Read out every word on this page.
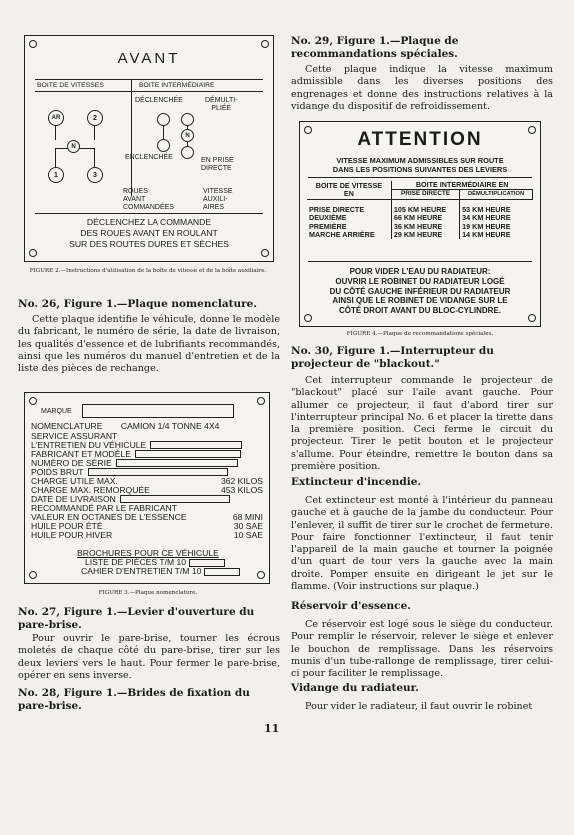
AVANT
BOITE DE VITESSES	BOITE INTERMÉDIAIRE
AR	2
N
1	3
DÉCLENCHÉE	DÉMULTI-
PLIÉE
N
ENCLENCHÉE	EN PRISE
DIRECTE
ROUES
AVANT
COMMANDÉES
VITESSE
AUXILI-
AIRES
DÉCLENCHEZ LA COMMANDE
DES ROUES AVANT EN ROULANT
SUR DES ROUTES DURES ET SÈCHES
FIGURE 2.—Instructions d'utilisation de la boîte de vitesse et de la boîte auxiliaire.
No. 26, Figure 1.—Plaque nomenclature.
Cette plaque identifie le véhicule, donne le modèle du fabricant, le numéro de série, la date de livraison, les qualités d'essence et de lubrifiants recommandés, ainsi que les numéros du manuel d'entretien et de la liste des pièces de rechange.
MARQUE
NOMENCLATURE CAMION 1/4 TONNE 4X4
SERVICE ASSURANT
L'ENTRETIEN DU VÉHICULE
FABRICANT ET MODÈLE
NUMÉRO DE SÉRIE
POIDS BRUT
CHARGE UTILE MAX.	362 KILOS
CHARGE MAX. REMORQUÉE	453 KILOS
DATE DE LIVRAISON
RECOMMANDÉ PAR LE FABRICANT
VALEUR EN OCTANES DE L'ESSENCE	68 MINI
HUILE POUR ÉTÉ	30 SAE
HUILE POUR HIVER	10 SAE
BROCHURES POUR CE VÉHICULE
LISTE DE PIÈCES T/M 10
CAHIER D'ENTRETIEN T/M 10
FIGURE 3.—Plaque nomenclature.
No. 27, Figure 1.—Levier d'ouverture du pare-brise.
Pour ouvrir le pare-brise, tourner les écrous moletés de chaque côté du pare-brise, tirer sur les deux leviers vers le haut. Pour fermer le pare-brise, opérer en sens inverse.
No. 28, Figure 1.—Brides de fixation du pare-brise.
No. 29, Figure 1.—Plaque de recommandations spéciales.
Cette plaque indique la vitesse maximum admissible dans les diverses positions des engrenages et donne des instructions relatives à la vidange du dispositif de refroidissement.
ATTENTION
VITESSE MAXIMUM ADMISSIBLES SUR ROUTE
DANS LES POSITIONS SUIVANTES DES LEVIERS
BOITE DE VITESSE
EN	BOITE INTERMÉDIAIRE EN	
	PRISE DIRECTE	DÉMULTIPLICATION

PRISE DIRECTE	105 KM HEURE	53 KM HEURE
DEUXIÈME	66 KM HEURE	34 KM HEURE
PREMIÈRE	36 KM HEURE	19 KM HEURE
MARCHE ARRIÈRE	29 KM HEURE	14 KM HEURE
POUR VIDER L'EAU DU RADIATEUR:
OUVRIR LE ROBINET DU RADIATEUR LOGÉ
DU CÔTÉ GAUCHE INFÉRIEUR DU RADIATEUR
AINSI QUE LE ROBINET DE VIDANGE SUR LE
CÔTÉ DROIT AVANT DU BLOC-CYLINDRE.
FIGURE 4.—Plaque de recommandations spéciales.
No. 30, Figure 1.—Interrupteur du projecteur de "blackout."
Cet interrupteur commande le projecteur de "blackout" placé sur l'aile avant gauche. Pour allumer ce projecteur, il faut d'abord tirer sur l'interrupteur principal No. 6 et placer la tirette dans la première position. Ceci ferme le circuit du projecteur. Tirer le petit bouton et le projecteur s'allume. Pour éteindre, remettre le bouton dans sa première position.
Extincteur d'incendie.
Cet extincteur est monté à l'intérieur du panneau gauche et à gauche de la jambe du conducteur. Pour l'enlever, il suffit de tirer sur le crochet de fermeture. Pour faire fonctionner l'extincteur, il faut tenir l'appareil de la main gauche et tourner la poignée d'un quart de tour vers la gauche avec la main droite. Pomper ensuite en dirigeant le jet sur le flamme. (Voir instructions sur plaque.)
Réservoir d'essence.
Ce réservoir est logé sous le siège du conducteur. Pour remplir le réservoir, relever le siège et enlever le bouchon de remplissage. Dans les réservoirs munis d'un tube-rallonge de remplissage, tirer celui-ci pour faciliter le remplissage.
Vidange du radiateur.
Pour vider le radiateur, il faut ouvrir le robinet
11
